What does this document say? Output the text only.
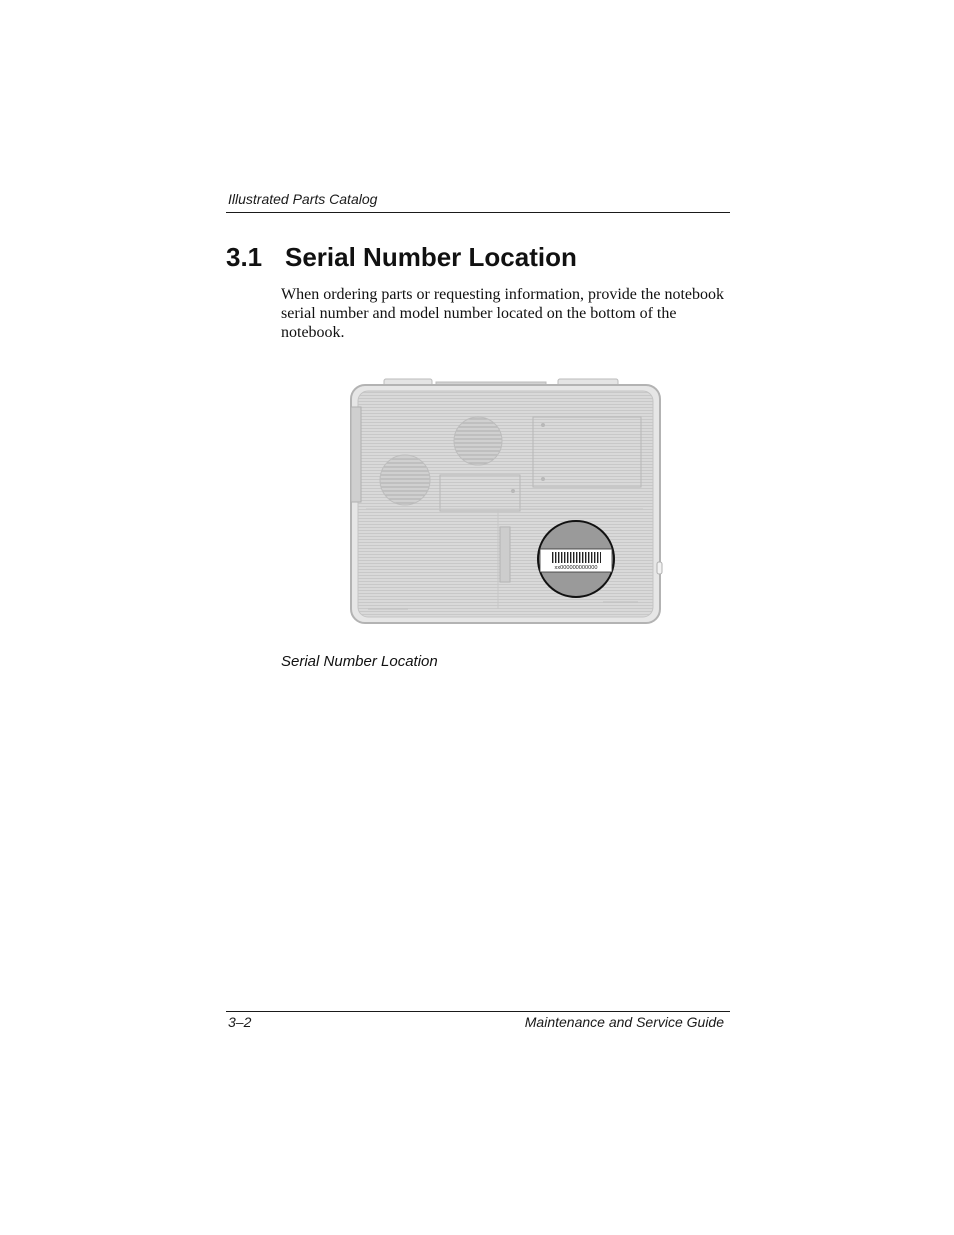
Illustrated Parts Catalog
3.1 Serial Number Location

When ordering parts or requesting information, provide the notebook serial number and model number located on the bottom of the notebook.

xx000000000000
Serial Number Location
3–2	Maintenance and Service Guide
